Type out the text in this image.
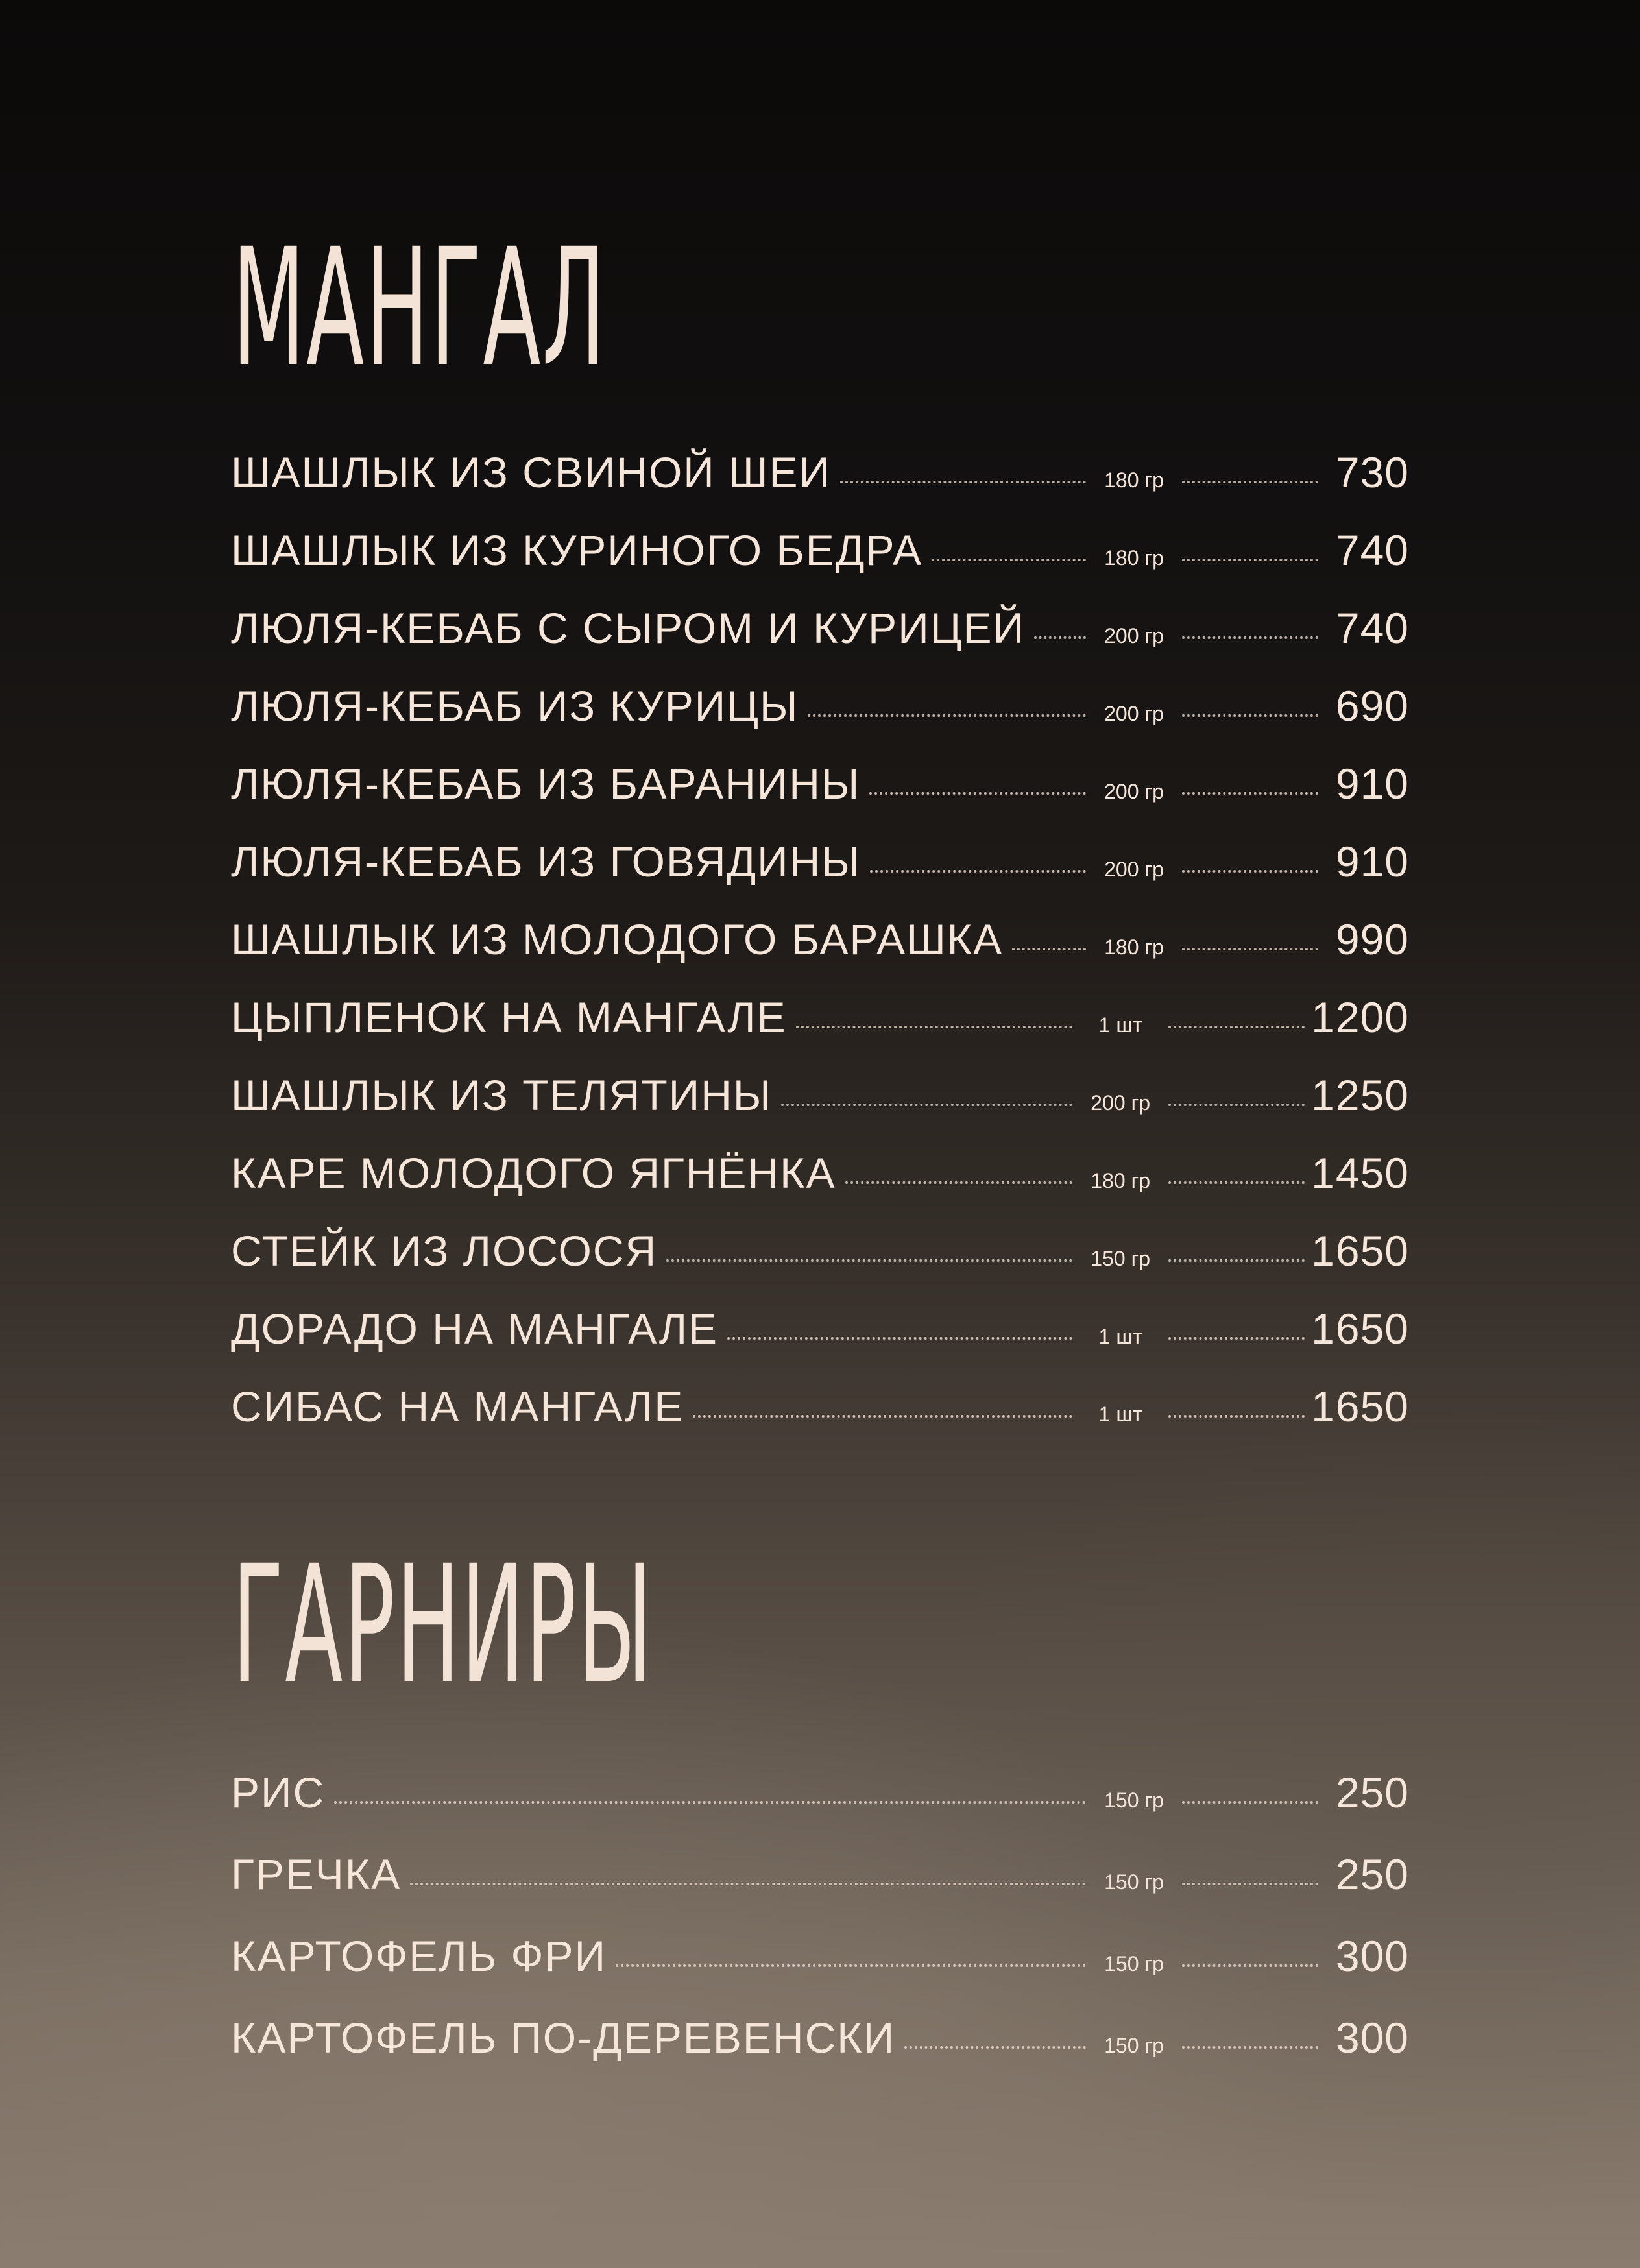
МАНГАЛ
ШАШЛЫК ИЗ СВИНОЙ ШЕИ	180 гр	730
ШАШЛЫК ИЗ КУРИНОГО БЕДРА	180 гр	740
ЛЮЛЯ-КЕБАБ С СЫРОМ И КУРИЦЕЙ	200 гр	740
ЛЮЛЯ-КЕБАБ ИЗ КУРИЦЫ	200 гр	690
ЛЮЛЯ-КЕБАБ ИЗ БАРАНИНЫ	200 гр	910
ЛЮЛЯ-КЕБАБ ИЗ ГОВЯДИНЫ	200 гр	910
ШАШЛЫК ИЗ МОЛОДОГО БАРАШКА	180 гр	990
ЦЫПЛЕНОК НА МАНГАЛЕ	1 шт	1200
ШАШЛЫК ИЗ ТЕЛЯТИНЫ	200 гр	1250
КАРЕ МОЛОДОГО ЯГНЁНКА	180 гр	1450
СТЕЙК ИЗ ЛОСОСЯ	150 гр	1650
ДОРАДО НА МАНГАЛЕ	1 шт	1650
СИБАС НА МАНГАЛЕ	1 шт	1650
ГАРНИРЫ
РИС	150 гр	250
ГРЕЧКА	150 гр	250
КАРТОФЕЛЬ ФРИ	150 гр	300
КАРТОФЕЛЬ ПО-ДЕРЕВЕНСКИ	150 гр	300
